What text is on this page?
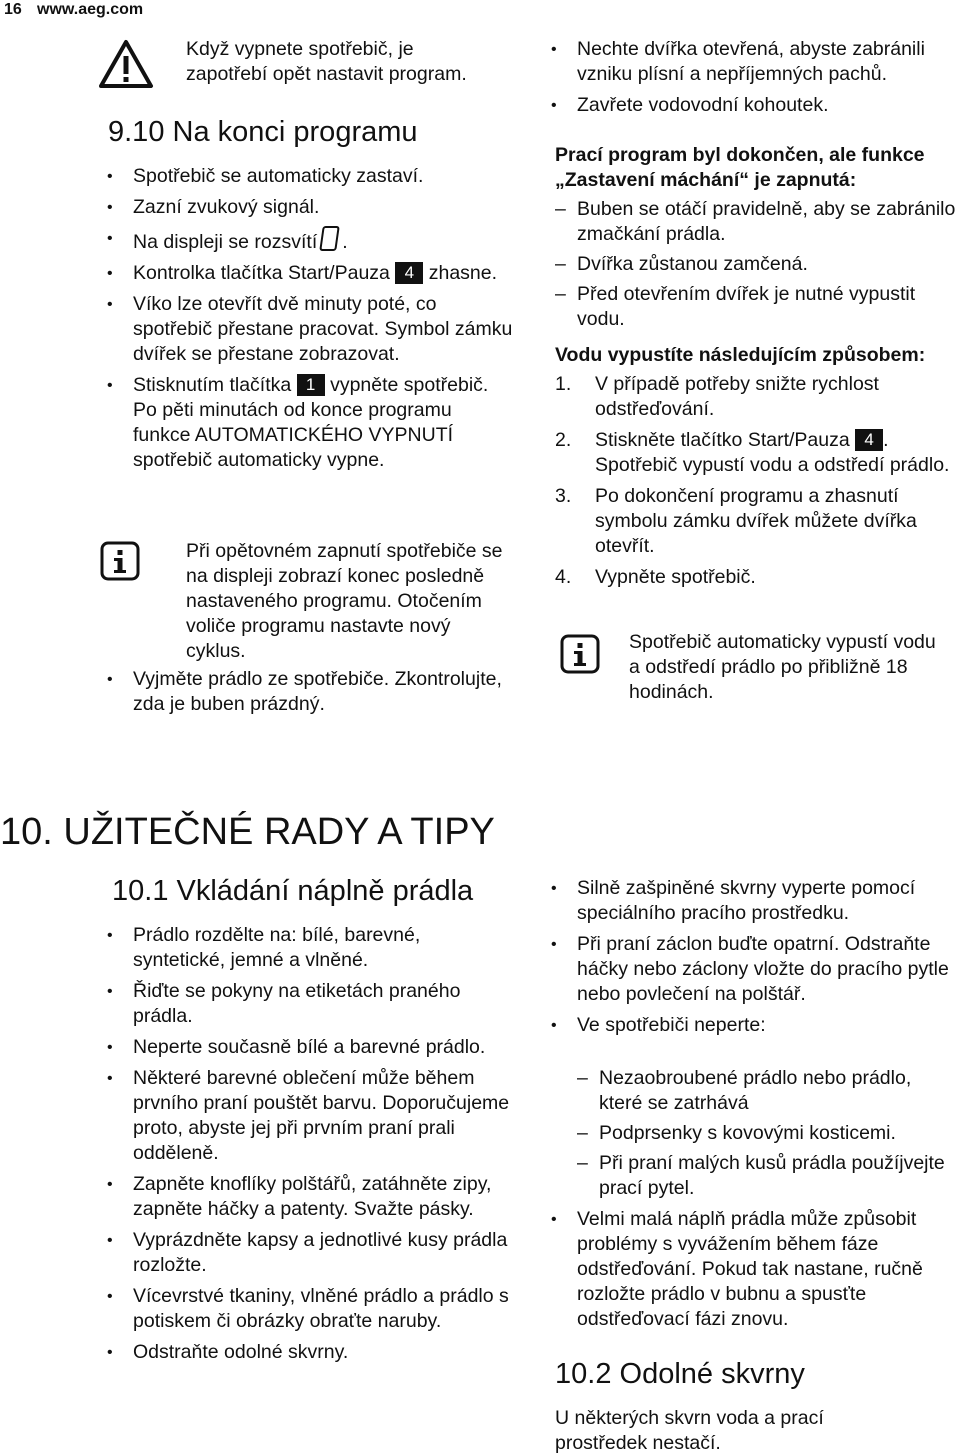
16 www.aeg.com
Když vypnete spotřebič, je zapotřebí opět nastavit program.
9.10 Na konci programu
• Spotřebič se automaticky zastaví.
• Zazní zvukový signál.
• Na displeji se rozsvítí .
• Kontrolka tlačítka Start/Pauza 4 zhasne.
• Víko lze otevřít dvě minuty poté, co spotřebič přestane pracovat. Symbol zámku dvířek se přestane zobrazovat.
• Stisknutím tlačítka 1 vypněte spotřebič. Po pěti minutách od konce programu funkce AUTOMATICKÉHO VYPNUTÍ spotřebič automaticky vypne.
Při opětovném zapnutí spotřebiče se na displeji zobrazí konec posledně nastaveného programu. Otočením voliče programu nastavte nový cyklus.
• Vyjměte prádlo ze spotřebiče. Zkontrolujte, zda je buben prázdný.
• Nechte dvířka otevřená, abyste zabránili vzniku plísní a nepříjemných pachů.
• Zavřete vodovodní kohoutek.
Prací program byl dokončen, ale funkce „Zastavení máchání“ je zapnutá:
– Buben se otáčí pravidelně, aby se zabránilo zmačkání prádla.
– Dvířka zůstanou zamčená.
– Před otevřením dvířek je nutné vypustit vodu.
Vodu vypustíte následujícím způsobem:
1. V případě potřeby snižte rychlost odstřeďování.
2. Stiskněte tlačítko Start/Pauza 4 . Spotřebič vypustí vodu a odstředí prádlo.
3. Po dokončení programu a zhasnutí symbolu zámku dvířek můžete dvířka otevřít.
4. Vypněte spotřebič.
Spotřebič automaticky vypustí vodu a odstředí prádlo po přibližně 18 hodinách.
10. UŽITEČNÉ RADY A TIPY
10.1 Vkládání náplně prádla
• Prádlo rozdělte na: bílé, barevné, syntetické, jemné a vlněné.
• Řiďte se pokyny na etiketách praného prádla.
• Neperte současně bílé a barevné prádlo.
• Některé barevné oblečení může během prvního praní pouštět barvu. Doporučujeme proto, abyste jej při prvním praní prali odděleně.
• Zapněte knoflíky polštářů, zatáhněte zipy, zapněte háčky a patenty. Svažte pásky.
• Vyprázdněte kapsy a jednotlivé kusy prádla rozložte.
• Vícevrstvé tkaniny, vlněné prádlo a prádlo s potiskem či obrázky obraťte naruby.
• Odstraňte odolné skvrny.
• Silně zašpiněné skvrny vyperte pomocí speciálního pracího prostředku.
• Při praní záclon buďte opatrní. Odstraňte háčky nebo záclony vložte do pracího pytle nebo povlečení na polštář.
• Ve spotřebiči neperte:
– Nezaobroubené prádlo nebo prádlo, které se zatrhává
– Podprsenky s kovovými kosticemi.
– Při praní malých kusů prádla použíjvejte prací pytel.
• Velmi malá náplň prádla může způsobit problémy s vyvážením během fáze odstřeďování. Pokud tak nastane, ručně rozložte prádlo v bubnu a spusťte odstřeďovací fázi znovu.
10.2 Odolné skvrny
U některých skvrn voda a prací prostředek nestačí.
